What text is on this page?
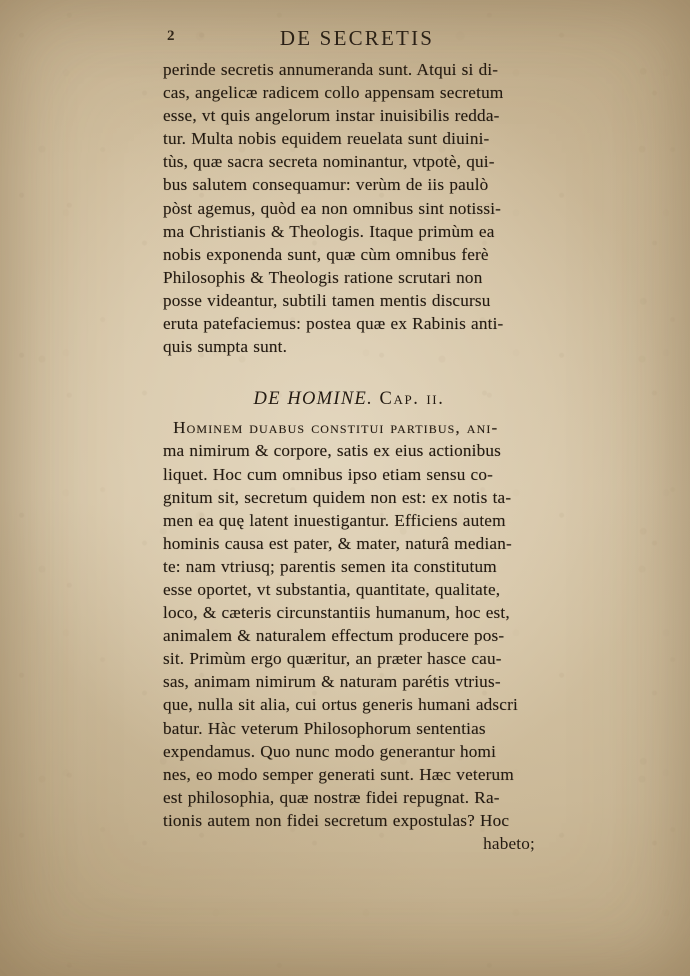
2	DE SECRETIS
perinde secretis annumeranda sunt. Atqui si di-
cas, angelicæ radicem collo appensam secretum
esse, vt quis angelorum instar inuisibilis redda-
tur. Multa nobis equidem reuelata sunt diuini-
tùs, quæ sacra secreta nominantur, vtpotè, qui-
bus salutem consequamur: verùm de iis paulò
pòst agemus, quòd ea non omnibus sint notissi-
ma Christianis & Theologis. Itaque primùm ea
nobis exponenda sunt, quæ cùm omnibus ferè
Philosophis & Theologis ratione scrutari non
posse videantur, subtili tamen mentis discursu
eruta patefaciemus: postea quæ ex Rabinis anti-
quis sumpta sunt.
DE HOMINE. Cap. ii.
Hominem duabus constitui partibus, ani-
ma nimirum & corpore, satis ex eius actionibus
liquet. Hoc cum omnibus ipso etiam sensu co-
gnitum sit, secretum quidem non est: ex notis ta-
men ea quę latent inuestigantur. Efficiens autem
hominis causa est pater, & mater, naturâ median-
te: nam vtriusq; parentis semen ita constitutum
esse oportet, vt substantia, quantitate, qualitate,
loco, & cæteris circunstantiis humanum, hoc est,
animalem & naturalem effectum producere pos-
sit. Primùm ergo quæritur, an præter hasce cau-
sas, animam nimirum & naturam parétis vtrius-
que, nulla sit alia, cui ortus generis humani adscri
batur. Hàc veterum Philosophorum sententias
expendamus. Quo nunc modo generantur homi
nes, eo modo semper generati sunt. Hæc veterum
est philosophia, quæ nostræ fidei repugnat. Ra-
tionis autem non fidei secretum expostulas? Hoc
habeto;
